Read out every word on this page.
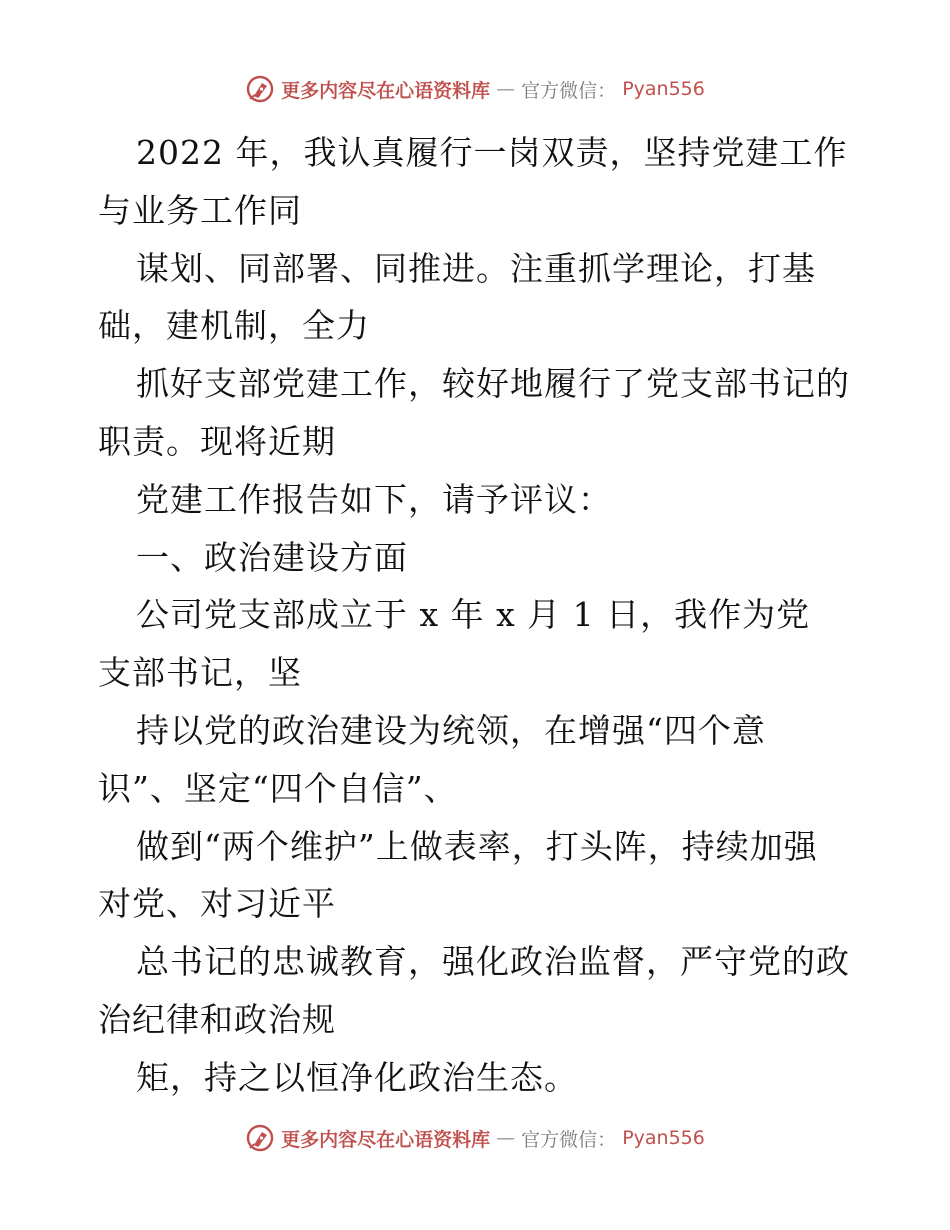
更多内容尽在心语资料库 — 官方微信： Pyan556
2022 年，我认真履行一岗双责，坚持党建工作
与业务工作同
谋划、同部署、同推进。注重抓学理论，打基
础，建机制，全力
抓好支部党建工作，较好地履行了党支部书记的
职责。现将近期
党建工作报告如下，请予评议：
一、政治建设方面
公司党支部成立于 x 年 x 月 1 日，我作为党
支部书记，坚
持以党的政治建设为统领，在增强“四个意
识”、坚定“四个自信”、
做到“两个维护”上做表率，打头阵，持续加强
对党、对习近平
总书记的忠诚教育，强化政治监督，严守党的政
治纪律和政治规
矩，持之以恒净化政治生态。
更多内容尽在心语资料库 — 官方微信： Pyan556
